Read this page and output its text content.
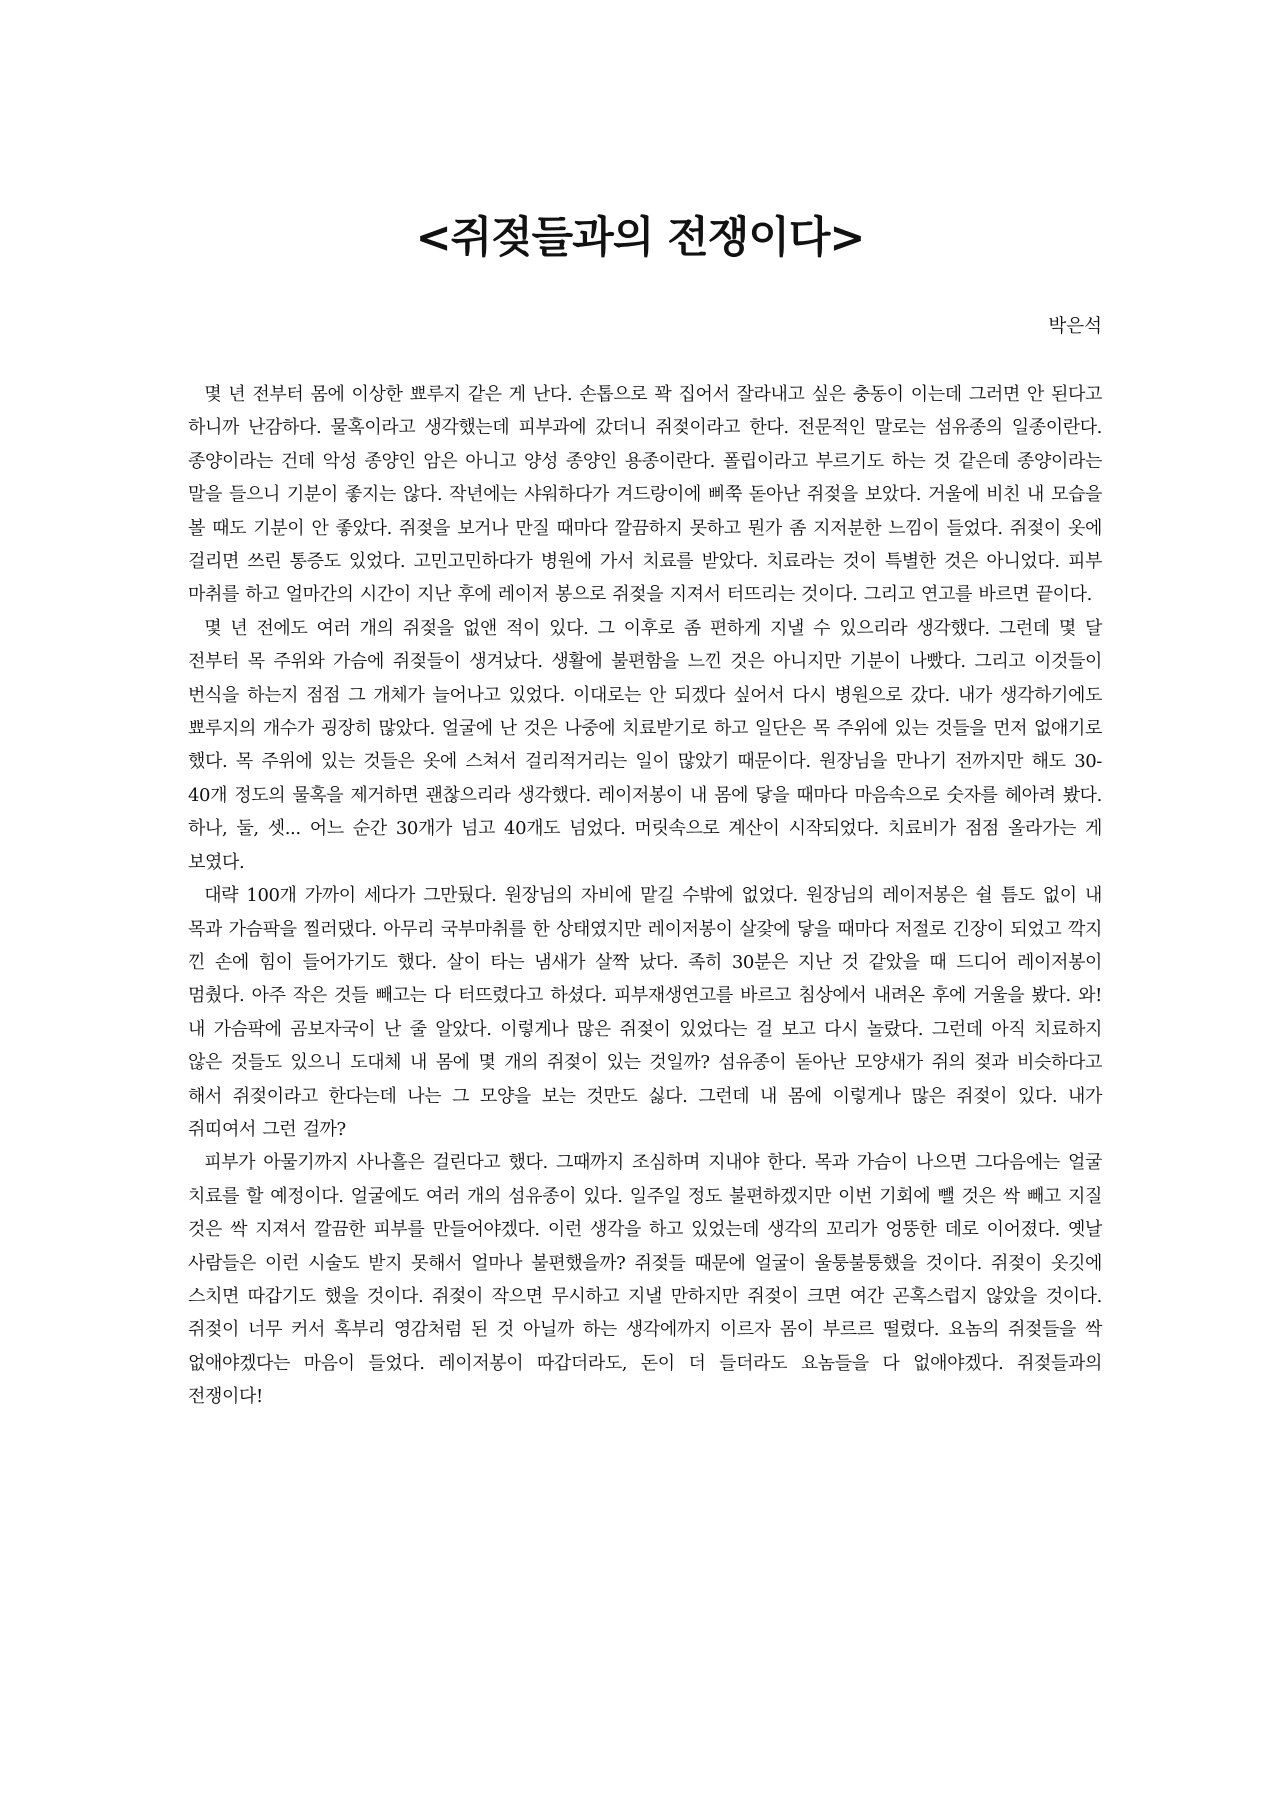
<쥐젖들과의 전쟁이다>
박은석

몇 년 전부터 몸에 이상한 뾰루지 같은 게 난다. 손톱으로 꽉 집어서 잘라내고 싶은 충동이 이는데 그러면 안 된다고 하니까 난감하다. 물혹이라고 생각했는데 피부과에 갔더니 쥐젖이라고 한다. 전문적인 말로는 섬유종의 일종이란다. 종양이라는 건데 악성 종양인 암은 아니고 양성 종양인 용종이란다. 폴립이라고 부르기도 하는 것 같은데 종양이라는 말을 들으니 기분이 좋지는 않다. 작년에는 샤워하다가 겨드랑이에 삐쭉 돋아난 쥐젖을 보았다. 거울에 비친 내 모습을 볼 때도 기분이 안 좋았다. 쥐젖을 보거나 만질 때마다 깔끔하지 못하고 뭔가 좀 지저분한 느낌이 들었다. 쥐젖이 옷에 걸리면 쓰린 통증도 있었다. 고민고민하다가 병원에 가서 치료를 받았다. 치료라는 것이 특별한 것은 아니었다. 피부 마취를 하고 얼마간의 시간이 지난 후에 레이저 봉으로 쥐젖을 지져서 터뜨리는 것이다. 그리고 연고를 바르면 끝이다.

몇 년 전에도 여러 개의 쥐젖을 없앤 적이 있다. 그 이후로 좀 편하게 지낼 수 있으리라 생각했다. 그런데 몇 달 전부터 목 주위와 가슴에 쥐젖들이 생겨났다. 생활에 불편함을 느낀 것은 아니지만 기분이 나빴다. 그리고 이것들이 번식을 하는지 점점 그 개체가 늘어나고 있었다. 이대로는 안 되겠다 싶어서 다시 병원으로 갔다. 내가 생각하기에도 뾰루지의 개수가 굉장히 많았다. 얼굴에 난 것은 나중에 치료받기로 하고 일단은 목 주위에 있는 것들을 먼저 없애기로 했다. 목 주위에 있는 것들은 옷에 스쳐서 걸리적거리는 일이 많았기 때문이다. 원장님을 만나기 전까지만 해도 30-40개 정도의 물혹을 제거하면 괜찮으리라 생각했다. 레이저봉이 내 몸에 닿을 때마다 마음속으로 숫자를 헤아려 봤다. 하나, 둘, 셋... 어느 순간 30개가 넘고 40개도 넘었다. 머릿속으로 계산이 시작되었다. 치료비가 점점 올라가는 게 보였다.

대략 100개 가까이 세다가 그만뒀다. 원장님의 자비에 맡길 수밖에 없었다. 원장님의 레이저봉은 쉴 틈도 없이 내 목과 가슴팍을 찔러댔다. 아무리 국부마취를 한 상태였지만 레이저봉이 살갗에 닿을 때마다 저절로 긴장이 되었고 깍지 낀 손에 힘이 들어가기도 했다. 살이 타는 냄새가 살짝 났다. 족히 30분은 지난 것 같았을 때 드디어 레이저봉이 멈췄다. 아주 작은 것들 빼고는 다 터뜨렸다고 하셨다. 피부재생연고를 바르고 침상에서 내려온 후에 거울을 봤다. 와! 내 가슴팍에 곰보자국이 난 줄 알았다. 이렇게나 많은 쥐젖이 있었다는 걸 보고 다시 놀랐다. 그런데 아직 치료하지 않은 것들도 있으니 도대체 내 몸에 몇 개의 쥐젖이 있는 것일까? 섬유종이 돋아난 모양새가 쥐의 젖과 비슷하다고 해서 쥐젖이라고 한다는데 나는 그 모양을 보는 것만도 싫다. 그런데 내 몸에 이렇게나 많은 쥐젖이 있다. 내가 쥐띠여서 그런 걸까?

피부가 아물기까지 사나흘은 걸린다고 했다. 그때까지 조심하며 지내야 한다. 목과 가슴이 나으면 그다음에는 얼굴 치료를 할 예정이다. 얼굴에도 여러 개의 섬유종이 있다. 일주일 정도 불편하겠지만 이번 기회에 뺄 것은 싹 빼고 지질 것은 싹 지져서 깔끔한 피부를 만들어야겠다. 이런 생각을 하고 있었는데 생각의 꼬리가 엉뚱한 데로 이어졌다. 옛날 사람들은 이런 시술도 받지 못해서 얼마나 불편했을까? 쥐젖들 때문에 얼굴이 울퉁불퉁했을 것이다. 쥐젖이 옷깃에 스치면 따갑기도 했을 것이다. 쥐젖이 작으면 무시하고 지낼 만하지만 쥐젖이 크면 여간 곤혹스럽지 않았을 것이다. 쥐젖이 너무 커서 혹부리 영감처럼 된 것 아닐까 하는 생각에까지 이르자 몸이 부르르 떨렸다. 요놈의 쥐젖들을 싹 없애야겠다는 마음이 들었다. 레이저봉이 따갑더라도, 돈이 더 들더라도 요놈들을 다 없애야겠다. 쥐젖들과의 전쟁이다!
